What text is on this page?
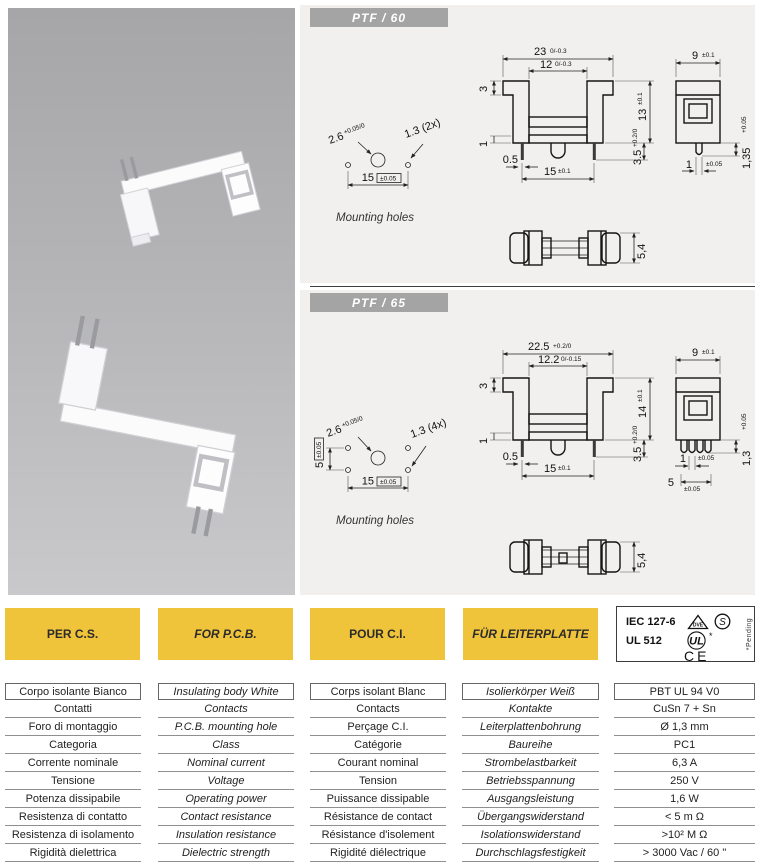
PTF / 60
2.6
+0.05/0	1.3 (2x)
15 ±0.05
Mounting holes
23 0/-0.3
12 0/-0.3
3
1
13
±0.1
3.5
+0.2/0
0.5
15 ±0.1
9 ±0.1
+0.05
1,35
1 ±0.05
5,4
PTF / 65
2.6
+0.05/0	1.3 (4x)
5
±0.05
15 ±0.05
Mounting holes
22.5 +0.2/0
12.2 0/-0.15
3
1
14
±0.1
3.5
+0.2/0
0.5
15 ±0.1
9 ±0.1
+0.05
1,3
1 ±0.05
5
±0.05
5,4
PER C.S.	FOR P.C.B.	POUR C.I.	FÜR LEITERPLATTE
IEC 127-6	DVE S
UL 512	UL *
CE
*Pending
Corpo isolante Bianco	Insulating body White	Corps isolant Blanc	Isolierkörper Weiß	PBT UL 94 V0
Contatti	Contacts	Contacts	Kontakte	CuSn 7 + Sn
Foro di montaggio	P.C.B. mounting hole	Perçage C.I.	Leiterplattenbohrung	Ø 1,3 mm
Categoria	Class	Catégorie	Baureihe	PC1
Corrente nominale	Nominal current	Courant nominal	Strombelastbarkeit	6,3 A
Tensione	Voltage	Tension	Betriebsspannung	250 V
Potenza dissipabile	Operating power	Puissance dissipable	Ausgangsleistung	1,6 W
Resistenza di contatto	Contact resistance	Résistance de contact	Übergangswiderstand	< 5 m Ω
Resistenza di isolamento	Insulation resistance	Résistance d'isolement	Isolationswiderstand	>10² M Ω
Rigidità dielettrica	Dielectric strength	Rigidité diélectrique	Durchschlagsfestigkeit	> 3000 Vac / 60 "
